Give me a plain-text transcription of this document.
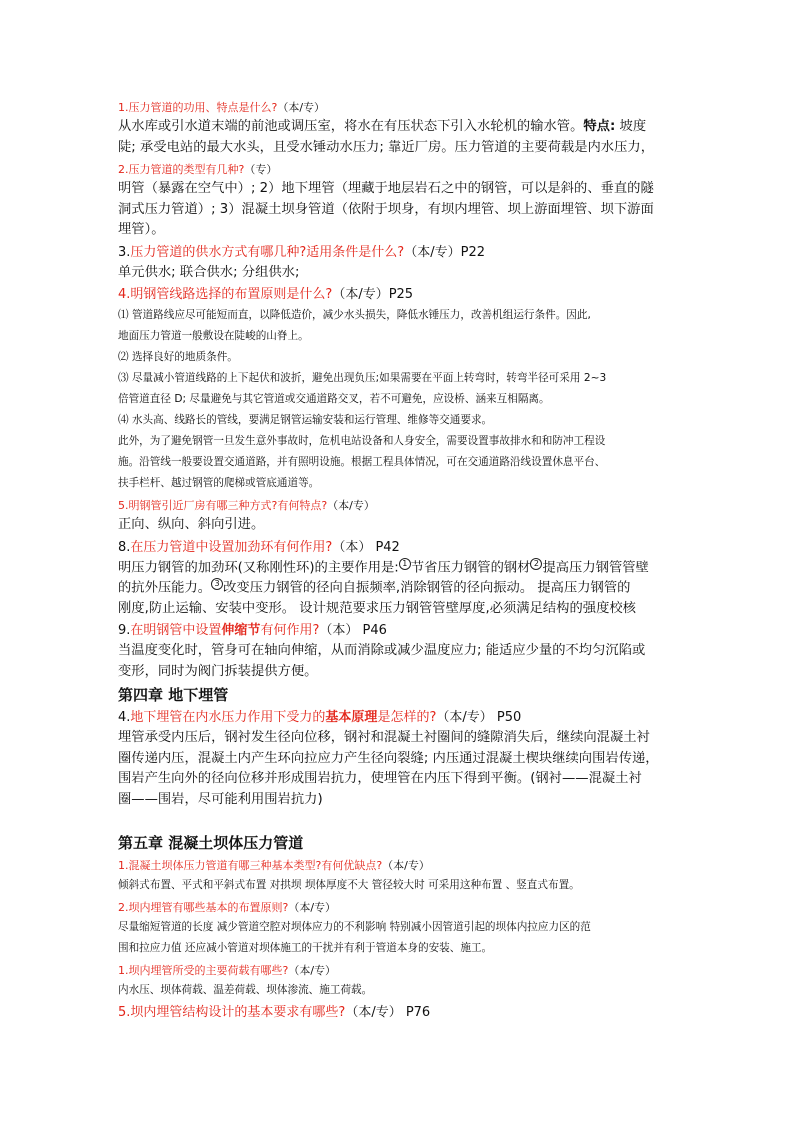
1.压力管道的功用、特点是什么?（本/专）

从水库或引水道末端的前池或调压室，将水在有压状态下引入水轮机的输水管。特点: 坡度

陡; 承受电站的最大水头，且受水锤动水压力; 靠近厂房。压力管道的主要荷载是内水压力，

2.压力管道的类型有几种?（专）

明管（暴露在空气中）; 2）地下埋管（埋藏于地层岩石之中的钢管，可以是斜的、垂直的隧

洞式压力管道）; 3）混凝土坝身管道（依附于坝身，有坝内埋管、坝上游面埋管、坝下游面

埋管）。

3.压力管道的供水方式有哪几种?适用条件是什么?（本/专）P22

单元供水; 联合供水; 分组供水;

4.明钢管线路选择的布置原则是什么?（本/专）P25

⑴ 管道路线应尽可能短而直，以降低造价，减少水头损失，降低水锤压力，改善机组运行条件。因此,

地面压力管道一般敷设在陡峻的山脊上。

⑵ 选择良好的地质条件。

⑶ 尽量减小管道线路的上下起伏和波折，避免出现负压;如果需要在平面上转弯时，转弯半径可采用 2~3

倍管道直径 D; 尽量避免与其它管道或交通道路交叉，若不可避免，应设桥、涵来互相隔离。

⑷ 水头高、线路长的管线，要满足钢管运输安装和运行管理、维修等交通要求。

此外，为了避免钢管一旦发生意外事故时，危机电站设备和人身安全，需要设置事故排水和和防冲工程设

施。沿管线一般要设置交通道路，并有照明设施。根据工程具体情况，可在交通道路沿线设置休息平台、

扶手栏杆、越过钢管的爬梯或管底通道等。

5.明钢管引近厂房有哪三种方式?有何特点?（本/专）

正向、纵向、斜向引进。

8.在压力管道中设置加劲环有何作用?（本） P42

明压力钢管的加劲环(又称刚性环)的主要作用是: 1 节省压力钢管的钢材 2 提高压力钢管管壁

的抗外压能力。 3 改变压力钢管的径向自振频率,消除钢管的径向振动。 提高压力钢管的

刚度,防止运输、安装中变形。 设计规范要求压力钢管管壁厚度,必须满足结构的强度校核

9.在明钢管中设置伸缩节有何作用?（本） P46

当温度变化时，管身可在轴向伸缩，从而消除或减少温度应力; 能适应少量的不均匀沉陷或

变形，同时为阀门拆装提供方便。

第四章 地下埋管

4.地下埋管在内水压力作用下受力的基本原理是怎样的?（本/专） P50

埋管承受内压后，钢衬发生径向位移，钢衬和混凝土衬圈间的缝隙消失后，继续向混凝土衬

圈传递内压，混凝土内产生环向拉应力产生径向裂缝; 内压通过混凝土楔块继续向围岩传递，

围岩产生向外的径向位移并形成围岩抗力，使埋管在内压下得到平衡。(钢衬——混凝土衬

圈——围岩，尽可能利用围岩抗力)

第五章 混凝土坝体压力管道

1.混凝土坝体压力管道有哪三种基本类型?有何优缺点?（本/专）

倾斜式布置、平式和平斜式布置 对拱坝 坝体厚度不大 管径较大时 可采用这种布置 、竖直式布置。

2.坝内埋管有哪些基本的布置原则?（本/专）

尽量缩短管道的长度 减少管道空腔对坝体应力的不利影响 特别减小因管道引起的坝体内拉应力区的范

围和拉应力值 还应减小管道对坝体施工的干扰并有利于管道本身的安装、施工。

1.坝内埋管所受的主要荷载有哪些?（本/专）

内水压、坝体荷载、温差荷载、坝体渗流、施工荷载。

5.坝内埋管结构设计的基本要求有哪些?（本/专） P76
